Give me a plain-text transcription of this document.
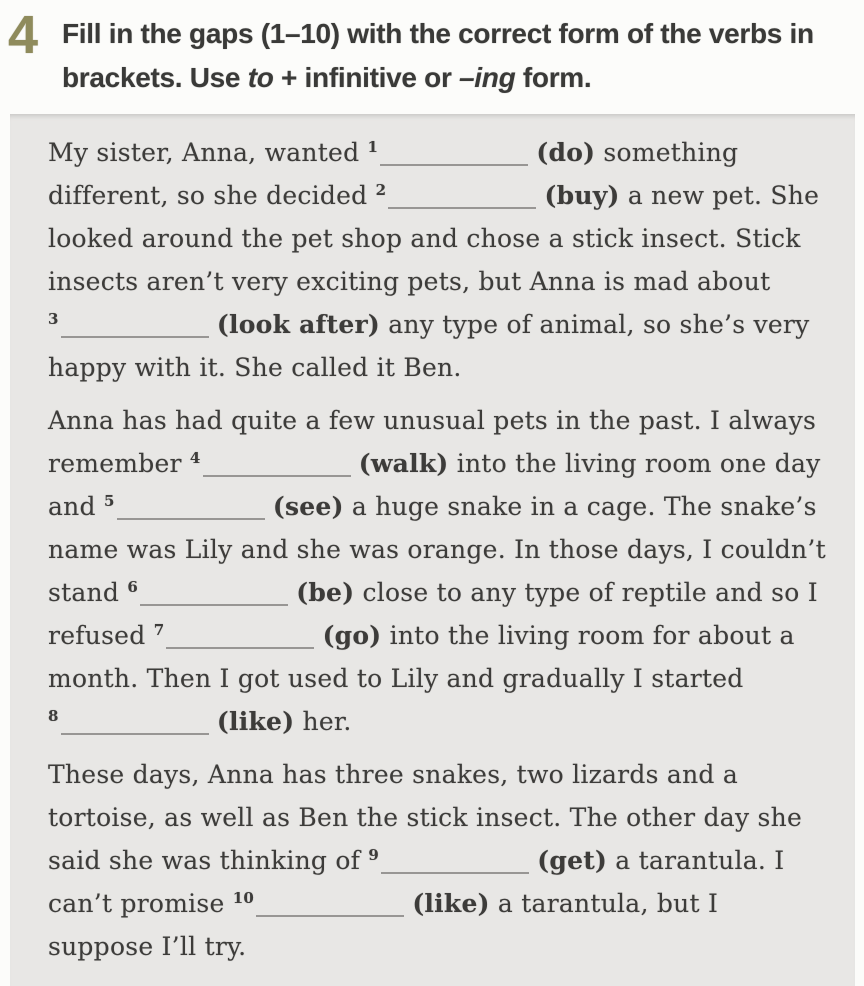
4 Fill in the gaps (1–10) with the correct form of the verbs in brackets. Use to + infinitive or –ing form.

My sister, Anna, wanted $^1$	(do) something different, so she decided $^2$	(buy) a new pet. She looked around the pet shop and chose a stick insect. Stick insects aren’t very exciting pets, but Anna is mad about $^3$	(look after) any type of animal, so she’s very happy with it. She called it Ben.

Anna has had quite a few unusual pets in the past. I always remember $^4$	(walk) into the living room one day and $^5$	(see) a huge snake in a cage. The snake’s name was Lily and she was orange. In those days, I couldn’t stand $^6$	(be) close to any type of reptile and so I refused $^7$	(go) into the living room for about a month. Then I got used to Lily and gradually I started $^8$	(like) her.

These days, Anna has three snakes, two lizards and a tortoise, as well as Ben the stick insect. The other day she said she was thinking of $^9$	(get) a tarantula. I can’t promise $^{10}$	(like) a tarantula, but I suppose I’ll try.
